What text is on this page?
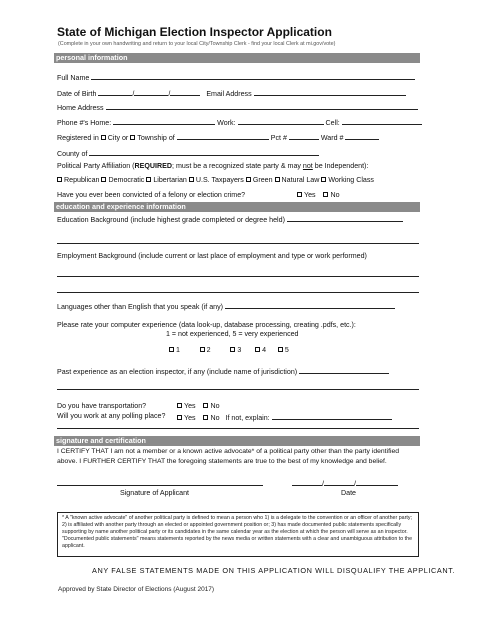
State of Michigan Election Inspector Application
(Complete in your own handwriting and return to your local City/Township Clerk - find your local Clerk at mi.gov/vote)
personal information
Full Name
Date of Birth	/	/	Email Address
Home Address
Phone #'s Home:	Work:	Cell:
Registered in City or Township of	Pct #	Ward #
County of
Political Party Affiliation (REQUIRED; must be a recognized state party & may not be Independent):
Republican Democratic Libertarian U.S. Taxpayers Green Natural Law Working Class
Have you ever been convicted of a felony or election crime?	Yes No
education and experience information
Education Background (include highest grade completed or degree held)
Employment Background (include current or last place of employment and type or work performed)
Languages other than English that you speak (if any)
Please rate your computer experience (data look-up, database processing, creating .pdfs, etc.):
1 = not experienced, 5 = very experienced
1	2	3	4	5
Past experience as an election inspector, if any (include name of jurisdiction)
Do you have transportation?	Yes No
Will you work at any polling place?	Yes No If not, explain:
signature and certification
I CERTIFY THAT I am not a member or a known active advocate* of a political party other than the party identified
above. I FURTHER CERTIFY THAT the foregoing statements are true to the best of my knowledge and belief.
/	/
Signature of Applicant	Date
* A "known active advocate" of another political party is defined to mean a person who 1) is a delegate to the convention or an officer of another party; 2) is affiliated with another party through an elected or appointed government position or; 3) has made documented public statements specifically supporting by name another political party or its candidates in the same calendar year as the election at which the person will serve as an inspector. "Documented public statements" means statements reported by the news media or written statements with a clear and unambiguous attribution to the applicant.
ANY FALSE STATEMENTS MADE ON THIS APPLICATION WILL DISQUALIFY THE APPLICANT.
Approved by State Director of Elections (August 2017)
